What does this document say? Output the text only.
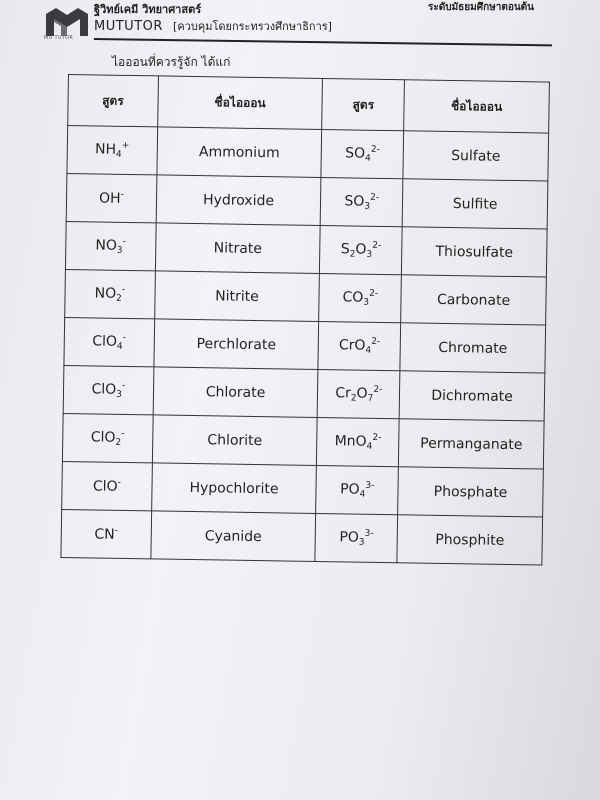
MU TUTOR
ฐิวิทย์เคมี วิทยาศาสตร์	ระดับมัธยมศึกษาตอนต้น
MUTUTOR [ควบคุมโดยกระทรวงศึกษาธิการ]
ไอออนที่ควรรู้จัก ได้แก่
สูตร	ชื่อไอออน	สูตร	ชื่อไอออน
$NH_4^+$	Ammonium	$SO_4^{2-}$	Sulfate
OH-	Hydroxide	$SO_3^{2-}$	Sulfite
$NO_3^-$	Nitrate	$S_2O_3^{2-}$	Thiosulfate
$NO_2^-$	Nitrite	$CO_3^{2-}$	Carbonate
ClO$_4$-	Perchlorate	CrO$_4^{2-}$	Chromate
ClO$_3$-	Chlorate	$Cr_2O_7^{2-}$	Dichromate
ClO$_2$-	Chlorite	MnO$_4^{2-}$	Permanganate
ClO-	Hypochlorite	$PO_4^{3-}$	Phosphate
CN-	Cyanide	$PO_3^{3-}$	Phosphite
